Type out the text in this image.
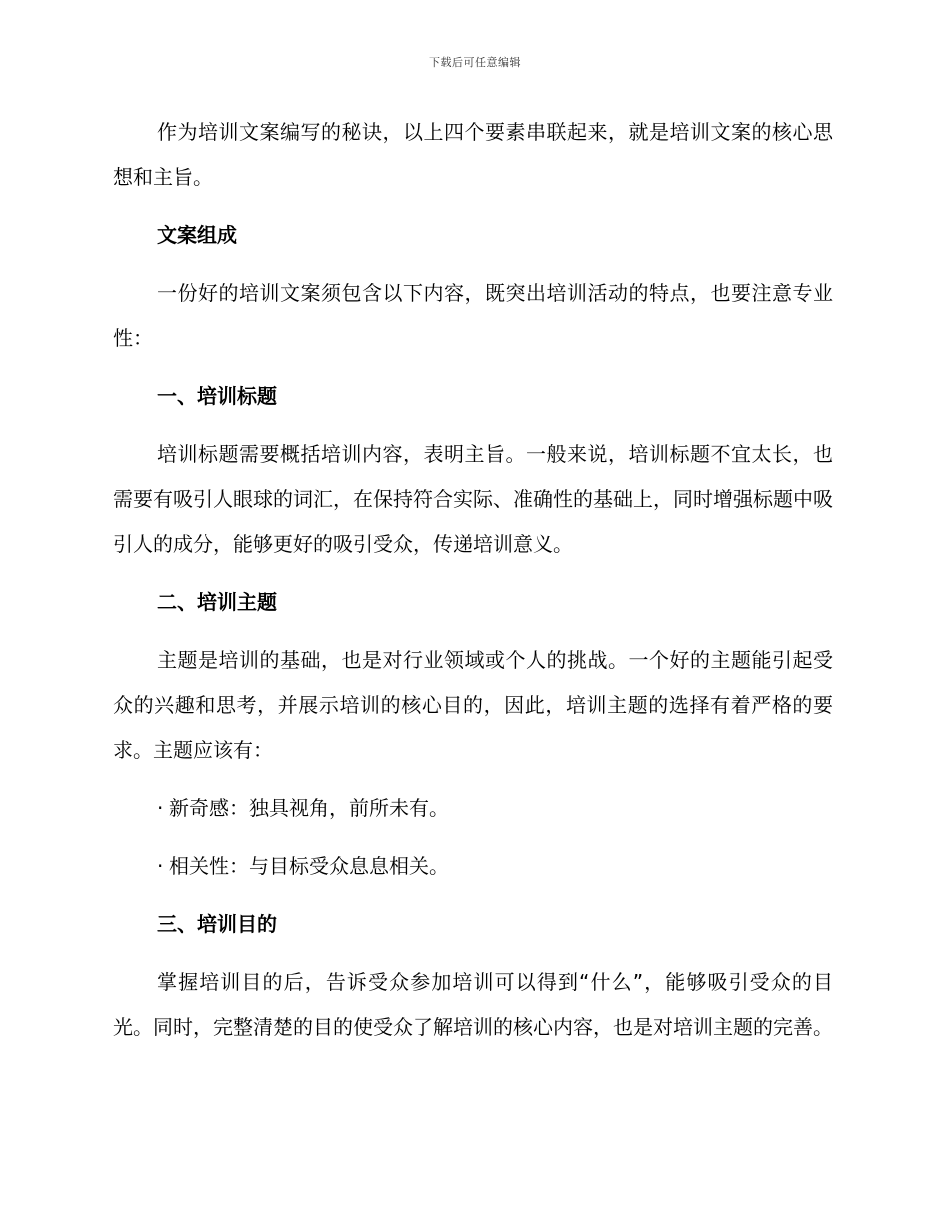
下载后可任意编辑

作为培训文案编写的秘诀，以上四个要素串联起来，就是培训文案的核心思想和主旨。

文案组成

一份好的培训文案须包含以下内容，既突出培训活动的特点，也要注意专业性：

一、培训标题

培训标题需要概括培训内容，表明主旨。一般来说，培训标题不宜太长，也需要有吸引人眼球的词汇，在保持符合实际、准确性的基础上，同时增强标题中吸引人的成分，能够更好的吸引受众，传递培训意义。

二、培训主题

主题是培训的基础，也是对行业领域或个人的挑战。一个好的主题能引起受众的兴趣和思考，并展示培训的核心目的，因此，培训主题的选择有着严格的要求。主题应该有：

· 新奇感：独具视角，前所未有。
· 相关性：与目标受众息息相关。
三、培训目的

掌握培训目的后，告诉受众参加培训可以得到“什么”，能够吸引受众的目光。同时，完整清楚的目的使受众了解培训的核心内容，也是对培训主题的完善。
